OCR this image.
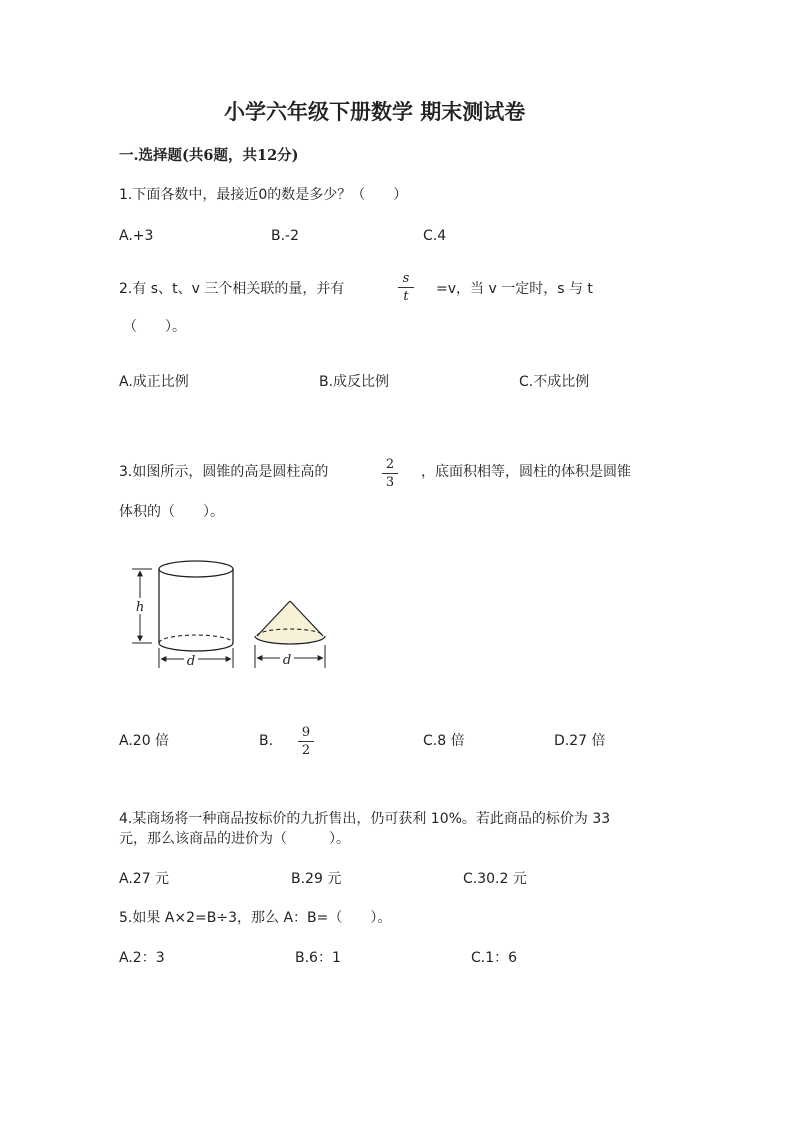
小学六年级下册数学 期末测试卷
一.选择题(共6题，共12分)
1.下面各数中，最接近0的数是多少？（　　）
A.+3	B.-2	C.4
2.有 s、t、v 三个相关联的量，并有
s
t	=v，当 v 一定时，s 与 t
（　　）。
A.成正比例	B.成反比例	C.不成比例
3.如图所示，圆锥的高是圆柱高的	2
3
，底面积相等，圆柱的体积是圆锥
体积的（　　）。
h
d	d
A.20 倍	B.
9
2
C.8 倍	D.27 倍
4.某商场将一种商品按标价的九折售出，仍可获利 10%。若此商品的标价为 33
元，那么该商品的进价为（　　　）。
A.27 元	B.29 元	C.30.2 元
5.如果 A×2=B÷3，那么 A：B=（　　）。
A.2：3	B.6：1	C.1：6
